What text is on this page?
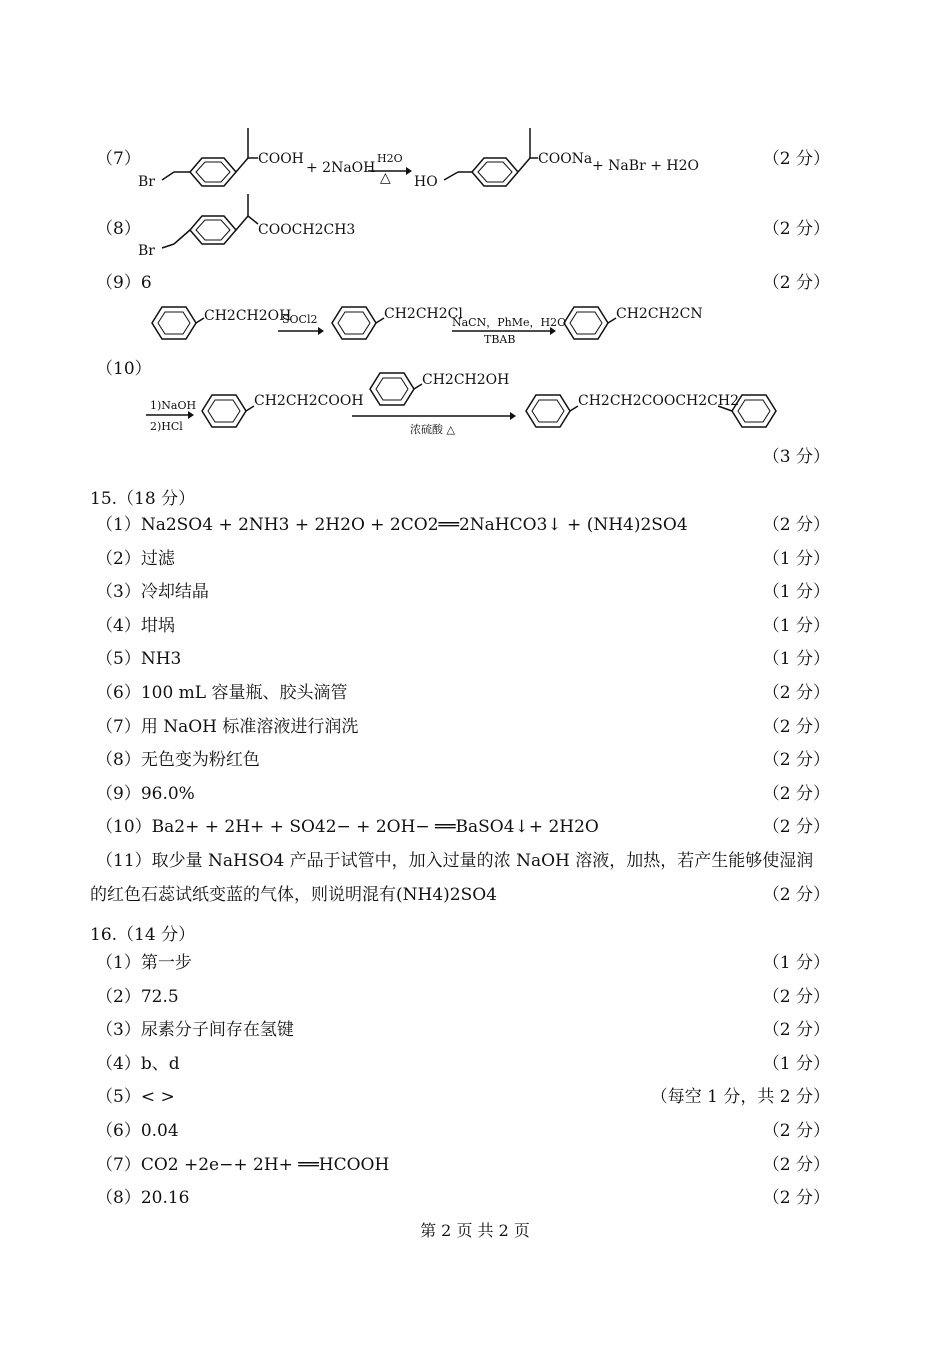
（7）	（2 分）
COOH
Br
+ 2NaOH
H2O
△
COONa
HO
+ NaBr + H2O
（8）	（2 分）
COOCH2CH3
Br
（9）6	（2 分）
CH2CH2OH
SOCl2	CH2CH2Cl
NaCN，PhMe，H2O
TBAB
CH2CH2CN
（10）
1)NaOH
2)HCl
CH2CH2COOH
CH2CH2OH
浓硫酸 △
CH2CH2COOCH2CH2
（3 分）
15.（18 分）
（1）Na2SO4 + 2NH3 + 2H2O + 2CO2══2NaHCO3↓ + (NH4)2SO4	（2 分）
（2）过滤	（1 分）
（3）冷却结晶	（1 分）
（4）坩埚	（1 分）
（5）NH3	（1 分）
（6）100 mL 容量瓶、胶头滴管	（2 分）
（7）用 NaOH 标准溶液进行润洗	（2 分）
（8）无色变为粉红色	（2 分）
（9）96.0%	（2 分）
（10）Ba2+ + 2H+ + SO42− + 2OH− ══BaSO4↓+ 2H2O	（2 分）
（11）取少量 NaHSO4 产品于试管中，加入过量的浓 NaOH 溶液，加热，若产生能够使湿润
的红色石蕊试纸变蓝的气体，则说明混有(NH4)2SO4	（2 分）
16.（14 分）
（1）第一步	（1 分）
（2）72.5	（2 分）
（3）尿素分子间存在氢键	（2 分）
（4）b、d	（1 分）
（5）< >	（每空 1 分，共 2 分）
（6）0.04	（2 分）
（7）CO2 +2e−+ 2H+ ══HCOOH	（2 分）
（8）20.16	（2 分）
第 2 页 共 2 页
